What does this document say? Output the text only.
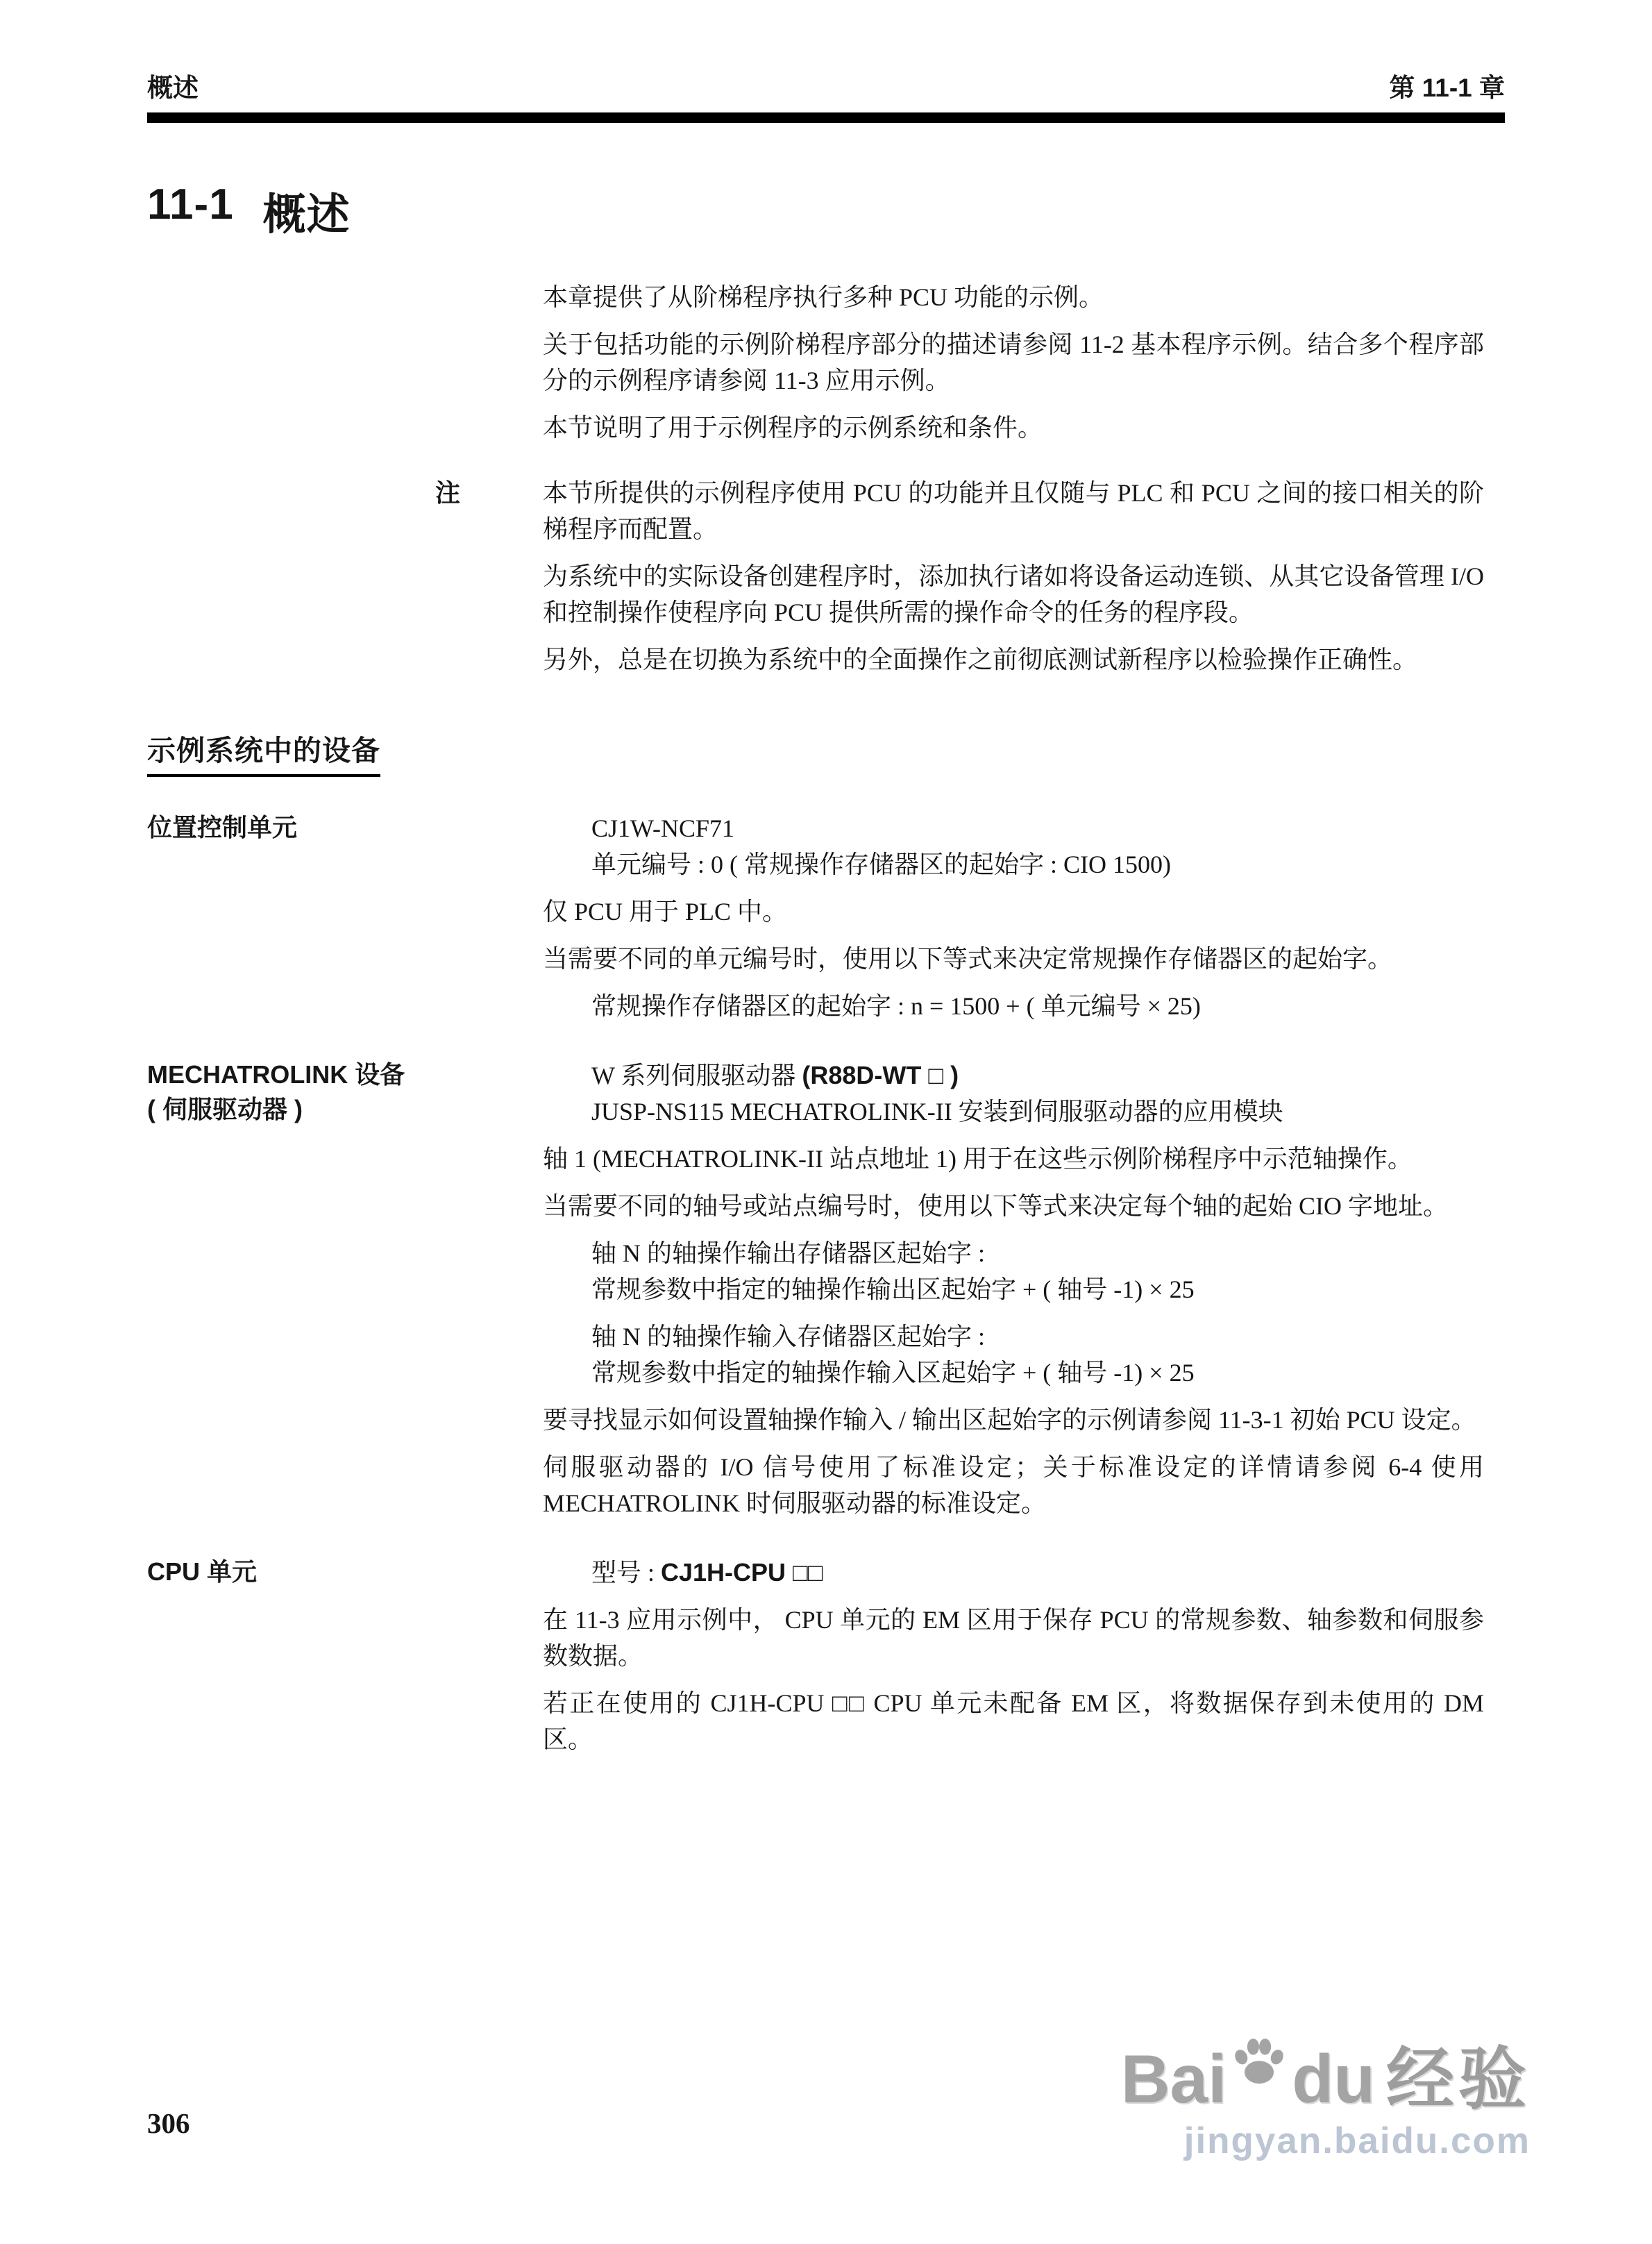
概述	第 11-1 章
11-1 概述

本章提供了从阶梯程序执行多种 PCU 功能的示例。

关于包括功能的示例阶梯程序部分的描述请参阅 11-2 基本程序示例。结合多个程序部分的示例程序请参阅 11-3 应用示例。

本节说明了用于示例程序的示例系统和条件。

注	本节所提供的示例程序使用 PCU 的功能并且仅随与 PLC 和 PCU 之间的接口相关的阶梯程序而配置。

为系统中的实际设备创建程序时，添加执行诸如将设备运动连锁、从其它设备管理 I/O 和控制操作使程序向 PCU 提供所需的操作命令的任务的程序段。

另外，总是在切换为系统中的全面操作之前彻底测试新程序以检验操作正确性。

示例系统中的设备
位置控制单元	CJ1W-NCF71

单元编号 : 0 ( 常规操作存储器区的起始字 : CIO 1500)

仅 PCU 用于 PLC 中。

当需要不同的单元编号时，使用以下等式来决定常规操作存储器区的起始字。

常规操作存储器区的起始字 : n = 1500 + ( 单元编号 × 25)

MECHATROLINK 设备
( 伺服驱动器 )

W 系列伺服驱动器 (R88D-WT □ )

JUSP-NS115 MECHATROLINK-II 安装到伺服驱动器的应用模块

轴 1 (MECHATROLINK-II 站点地址 1) 用于在这些示例阶梯程序中示范轴操作。

当需要不同的轴号或站点编号时，使用以下等式来决定每个轴的起始 CIO 字地址。

轴 N 的轴操作输出存储器区起始字 :

常规参数中指定的轴操作输出区起始字 + ( 轴号 -1) × 25

轴 N 的轴操作输入存储器区起始字 :

常规参数中指定的轴操作输入区起始字 + ( 轴号 -1) × 25

要寻找显示如何设置轴操作输入 / 输出区起始字的示例请参阅 11-3-1 初始 PCU 设定。

伺服驱动器的 I/O 信号使用了标准设定；关于标准设定的详情请参阅 6-4 使用 MECHATROLINK 时伺服驱动器的标准设定。

CPU 单元	型号 : CJ1H-CPU □□

在 11-3 应用示例中， CPU 单元的 EM 区用于保存 PCU 的常规参数、轴参数和伺服参数数据。

若正在使用的 CJ1H-CPU □□ CPU 单元未配备 EM 区，将数据保存到未使用的 DM 区。

306
Bai du 经验
jingyan.baidu.com
